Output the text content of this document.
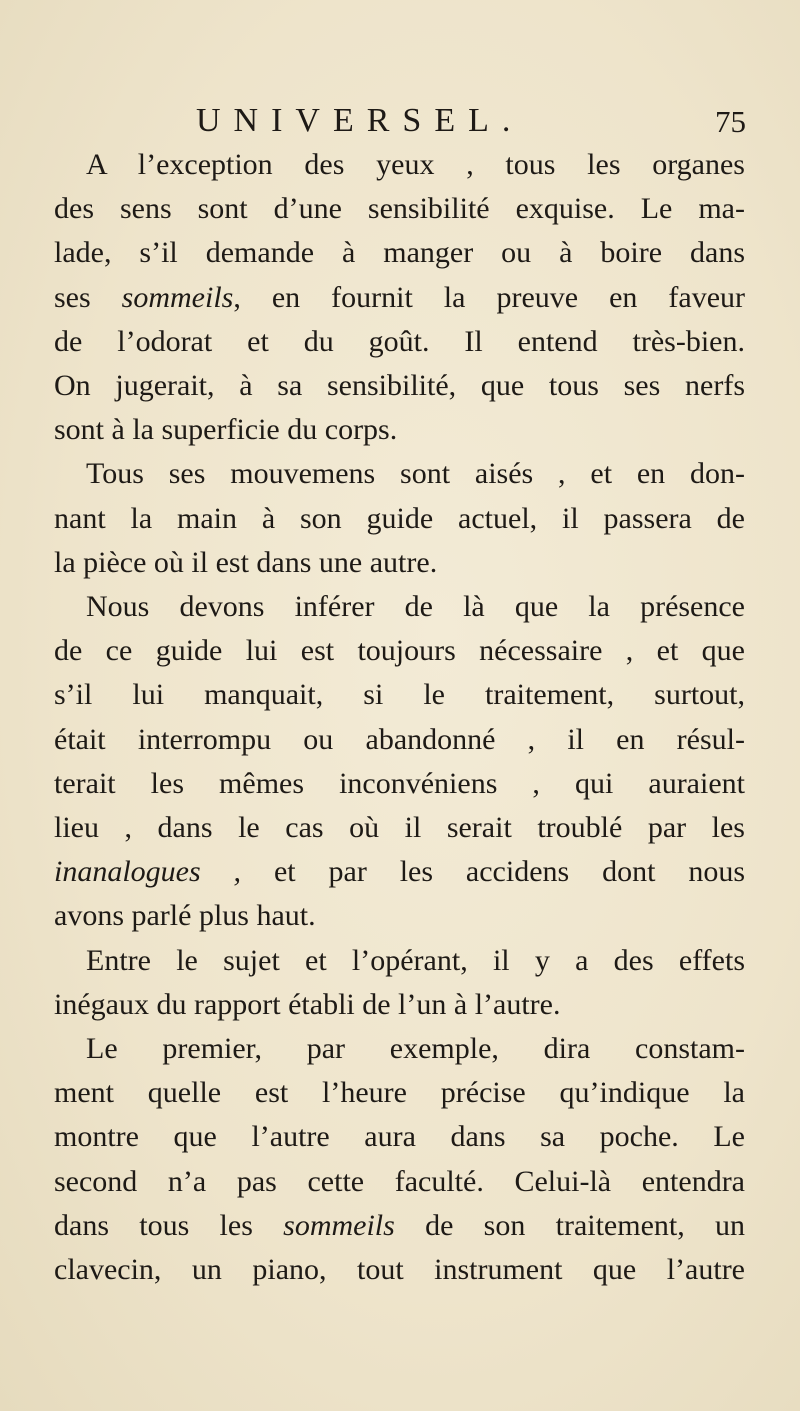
UNIVERSEL.	75
A l’exception des yeux , tous les organes
des sens sont d’une sensibilité exquise. Le ma-
lade, s’il demande à manger ou à boire dans
ses sommeils, en fournit la preuve en faveur
de l’odorat et du goût. Il entend très-bien.
On jugerait, à sa sensibilité, que tous ses nerfs
sont à la superficie du corps.
Tous ses mouvemens sont aisés , et en don-
nant la main à son guide actuel, il passera de
la pièce où il est dans une autre.
Nous devons inférer de là que la présence
de ce guide lui est toujours nécessaire , et que
s’il lui manquait, si le traitement, surtout,
était interrompu ou abandonné , il en résul-
terait les mêmes inconvéniens , qui auraient
lieu , dans le cas où il serait troublé par les
inanalogues , et par les accidens dont nous
avons parlé plus haut.
Entre le sujet et l’opérant, il y a des effets
inégaux du rapport établi de l’un à l’autre.
Le premier, par exemple, dira constam-
ment quelle est l’heure précise qu’indique la
montre que l’autre aura dans sa poche. Le
second n’a pas cette faculté. Celui-là entendra
dans tous les sommeils de son traitement, un
clavecin, un piano, tout instrument que l’autre
